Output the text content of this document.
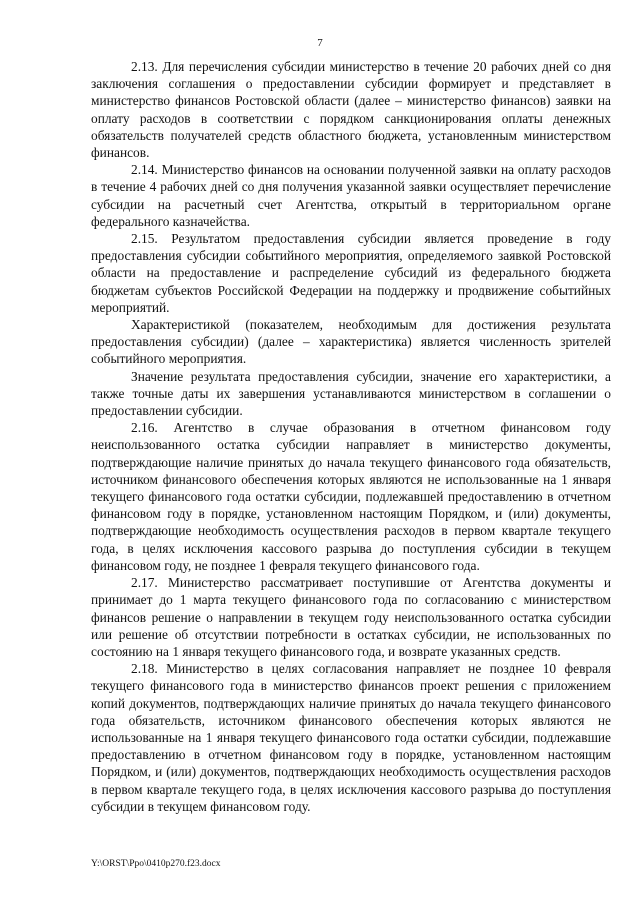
7

2.13. Для перечисления субсидии министерство в течение 20 рабочих дней со дня заключения соглашения о предоставлении субсидии формирует и представляет в министерство финансов Ростовской области (далее – министерство финансов) заявки на оплату расходов в соответствии с порядком санкционирования оплаты денежных обязательств получателей средств областного бюджета, установленным министерством финансов.

2.14. Министерство финансов на основании полученной заявки на оплату расходов в течение 4 рабочих дней со дня получения указанной заявки осуществляет перечисление субсидии на расчетный счет Агентства, открытый в территориальном органе федерального казначейства.

2.15. Результатом предоставления субсидии является проведение в году предоставления субсидии событийного мероприятия, определяемого заявкой Ростовской области на предоставление и распределение субсидий из федерального бюджета бюджетам субъектов Российской Федерации на поддержку и продвижение событийных мероприятий.

Характеристикой (показателем, необходимым для достижения результата предоставления субсидии) (далее – характеристика) является численность зрителей событийного мероприятия.

Значение результата предоставления субсидии, значение его характеристики, а также точные даты их завершения устанавливаются министерством в соглашении о предоставлении субсидии.

2.16. Агентство в случае образования в отчетном финансовом году неиспользованного остатка субсидии направляет в министерство документы, подтверждающие наличие принятых до начала текущего финансового года обязательств, источником финансового обеспечения которых являются не использованные на 1 января текущего финансового года остатки субсидии, подлежавшей предоставлению в отчетном финансовом году в порядке, установленном настоящим Порядком, и (или) документы, подтверждающие необходимость осуществления расходов в первом квартале текущего года, в целях исключения кассового разрыва до поступления субсидии в текущем финансовом году, не позднее 1 февраля текущего финансового года.

2.17. Министерство рассматривает поступившие от Агентства документы и принимает до 1 марта текущего финансового года по согласованию с министерством финансов решение о направлении в текущем году неиспользованного остатка субсидии или решение об отсутствии потребности в остатках субсидии, не использованных по состоянию на 1 января текущего финансового года, и возврате указанных средств.

2.18. Министерство в целях согласования направляет не позднее 10 февраля текущего финансового года в министерство финансов проект решения с приложением копий документов, подтверждающих наличие принятых до начала текущего финансового года обязательств, источником финансового обеспечения которых являются не использованные на 1 января текущего финансового года остатки субсидии, подлежавшие предоставлению в отчетном финансовом году в порядке, установленном настоящим Порядком, и (или) документов, подтверждающих необходимость осуществления расходов в первом квартале текущего года, в целях исключения кассового разрыва до поступления субсидии в текущем финансовом году.

Y:\ORST\Ppo\0410p270.f23.docx
